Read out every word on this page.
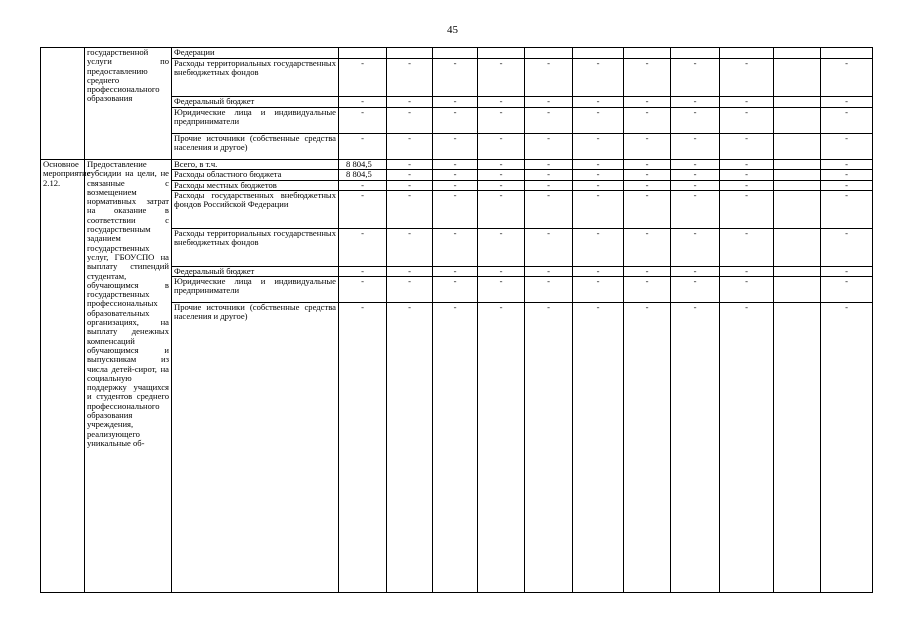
45
	государственной услуги по предоставлению среднего профессионального образования	Федерации											
		Расходы территориальных государственных внебюджетных фондов	-	-	-	-	-	-	-	-	-		-
		Федеральный бюджет	-	-	-	-	-	-	-	-	-		-
		Юридические лица и индивидуальные предприниматели	-	-	-	-	-	-	-	-	-		-
		Прочие источники (собственные средства населения и другое)	-	-	-	-	-	-	-	-	-		-
Основное мероприятие 2.12.	Предоставление субсидии на цели, не связанные с возмещением нормативных затрат на оказание в соответствии с государственным заданием государственных услуг, ГБОУСПО на выплату стипендий студентам, обучающимся в государственных профессиональных образовательных организациях, на выплату денежных компенсаций обучающимся и выпускникам из числа детей-сирот, на социальную поддержку учащихся и студентов среднего профессионального образования учреждения, реализующего уникальные об-	Всего, в т.ч.	8 804,5	-	-	-	-	-	-	-	-		-
		Расходы областного бюджета	8 804,5	-	-	-	-	-	-	-	-		-
		Расходы местных бюджетов	-	-	-	-	-	-	-	-	-		-
		Расходы государственных внебюджетных фондов Российской Федерации	-	-	-	-	-	-	-	-	-		-
		Расходы территориальных государственных внебюджетных фондов	-	-	-	-	-	-	-	-	-		-
		Федеральный бюджет	-	-	-	-	-	-	-	-	-		-
		Юридические лица и индивидуальные предприниматели	-	-	-	-	-	-	-	-	-		-
		Прочие источники (собственные средства населения и другое)	-	-	-	-	-	-	-	-	-		-
